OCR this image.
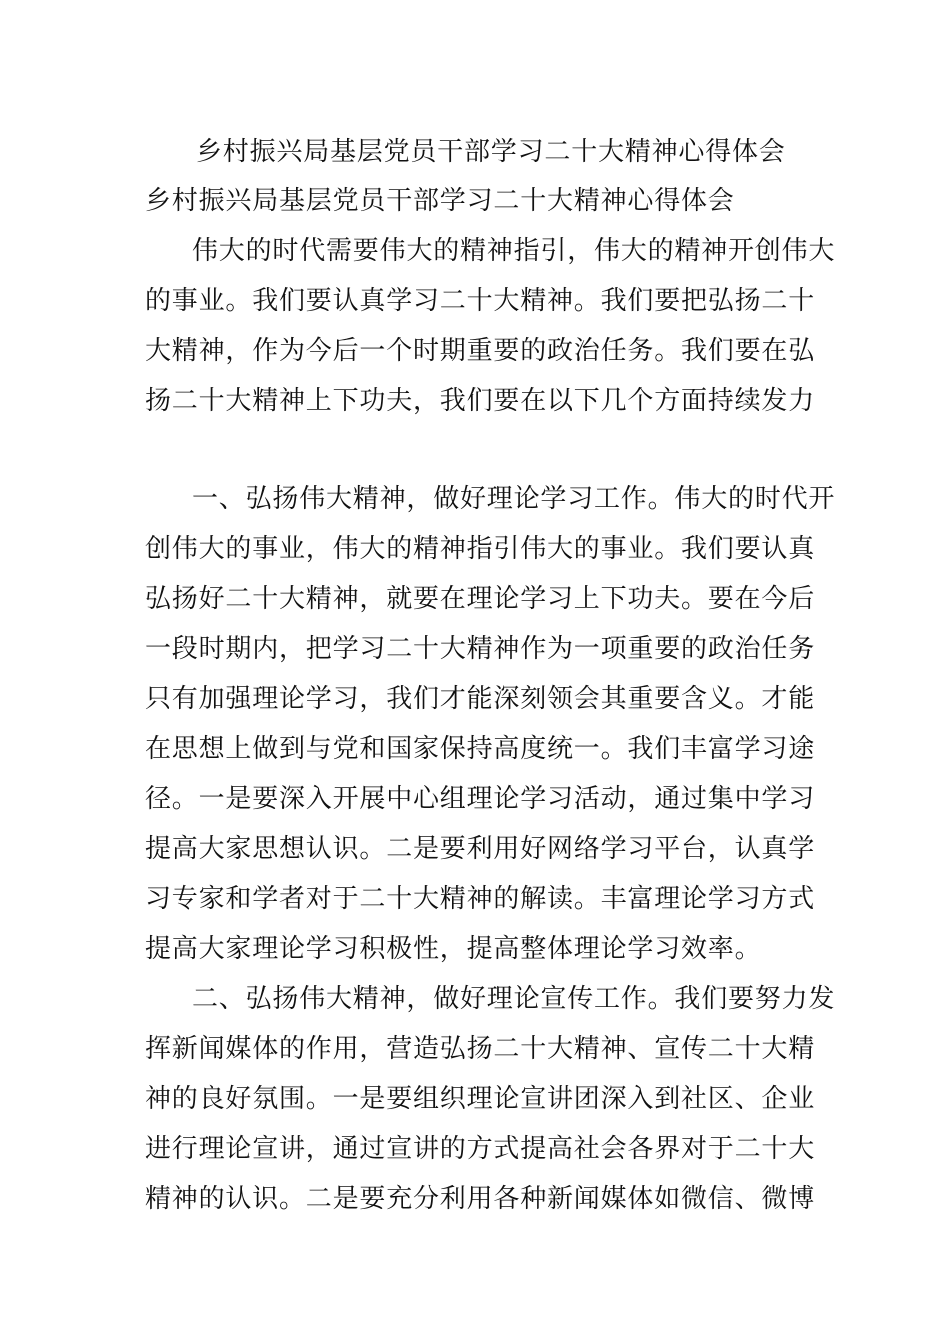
乡村振兴局基层党员干部学习二十大精神心得体会
乡村振兴局基层党员干部学习二十大精神心得体会
伟大的时代需要伟大的精神指引，伟大的精神开创伟大
的事业。我们要认真学习二十大精神。我们要把弘扬二十
大精神，作为今后一个时期重要的政治任务。我们要在弘
扬二十大精神上下功夫，我们要在以下几个方面持续发力
一、弘扬伟大精神，做好理论学习工作。伟大的时代开
创伟大的事业，伟大的精神指引伟大的事业。我们要认真
弘扬好二十大精神，就要在理论学习上下功夫。要在今后
一段时期内，把学习二十大精神作为一项重要的政治任务
只有加强理论学习，我们才能深刻领会其重要含义。才能
在思想上做到与党和国家保持高度统一。我们丰富学习途
径。一是要深入开展中心组理论学习活动，通过集中学习
提高大家思想认识。二是要利用好网络学习平台，认真学
习专家和学者对于二十大精神的解读。丰富理论学习方式
提高大家理论学习积极性，提高整体理论学习效率。
二、弘扬伟大精神，做好理论宣传工作。我们要努力发
挥新闻媒体的作用，营造弘扬二十大精神、宣传二十大精
神的良好氛围。一是要组织理论宣讲团深入到社区、企业
进行理论宣讲，通过宣讲的方式提高社会各界对于二十大
精神的认识。二是要充分利用各种新闻媒体如微信、微博
